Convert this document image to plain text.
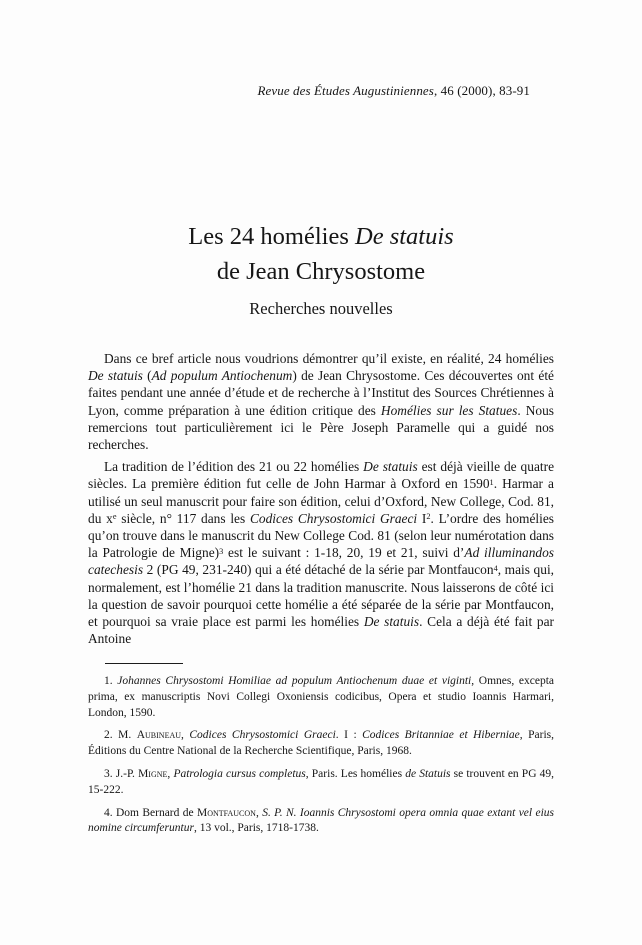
Revue des Études Augustiniennes, 46 (2000), 83-91
Les 24 homélies De statuis
de Jean Chrysostome
Recherches nouvelles

Dans ce bref article nous voudrions démontrer qu’il existe, en réalité, 24 homélies De statuis (Ad populum Antiochenum) de Jean Chrysostome. Ces découvertes ont été faites pendant une année d’étude et de recherche à l’Institut des Sources Chrétiennes à Lyon, comme préparation à une édition critique des Homélies sur les Statues. Nous remercions tout particulièrement ici le Père Joseph Paramelle qui a guidé nos recherches.

La tradition de l’édition des 21 ou 22 homélies De statuis est déjà vieille de quatre siècles. La première édition fut celle de John Harmar à Oxford en 1590$^1$. Harmar a utilisé un seul manuscrit pour faire son édition, celui d’Oxford, New College, Cod. 81, du $x^e$ siècle, n° 117 dans les Codices Chrysostomici Graeci $I^2$. L’ordre des homélies qu’on trouve dans le manuscrit du New College Cod. 81 (selon leur numérotation dans la Patrologie de Migne)$^3$ est le suivant : 1-18, 20, 19 et 21, suivi d’Ad illuminandos catechesis 2 (PG 49, 231-240) qui a été détaché de la série par Montfaucon$^4$, mais qui, normalement, est l’homélie 21 dans la tradition manuscrite. Nous laisserons de côté ici la question de savoir pourquoi cette homélie a été séparée de la série par Montfaucon, et pourquoi sa vraie place est parmi les homélies De statuis. Cela a déjà été fait par Antoine

1. Johannes Chrysostomi Homiliae ad populum Antiochenum duae et viginti, Omnes, excepta prima, ex manuscriptis Novi Collegi Oxoniensis codicibus, Opera et studio Ioannis Harmari, London, 1590.

2. M. Aubineau, Codices Chrysostomici Graeci. I : Codices Britanniae et Hiberniae, Paris, Éditions du Centre National de la Recherche Scientifique, Paris, 1968.

3. J.-P. Migne, Patrologia cursus completus, Paris. Les homélies de Statuis se trouvent en PG 49, 15-222.

4. Dom Bernard de Montfaucon, S. P. N. Ioannis Chrysostomi opera omnia quae extant vel eius nomine circumferuntur, 13 vol., Paris, 1718-1738.
